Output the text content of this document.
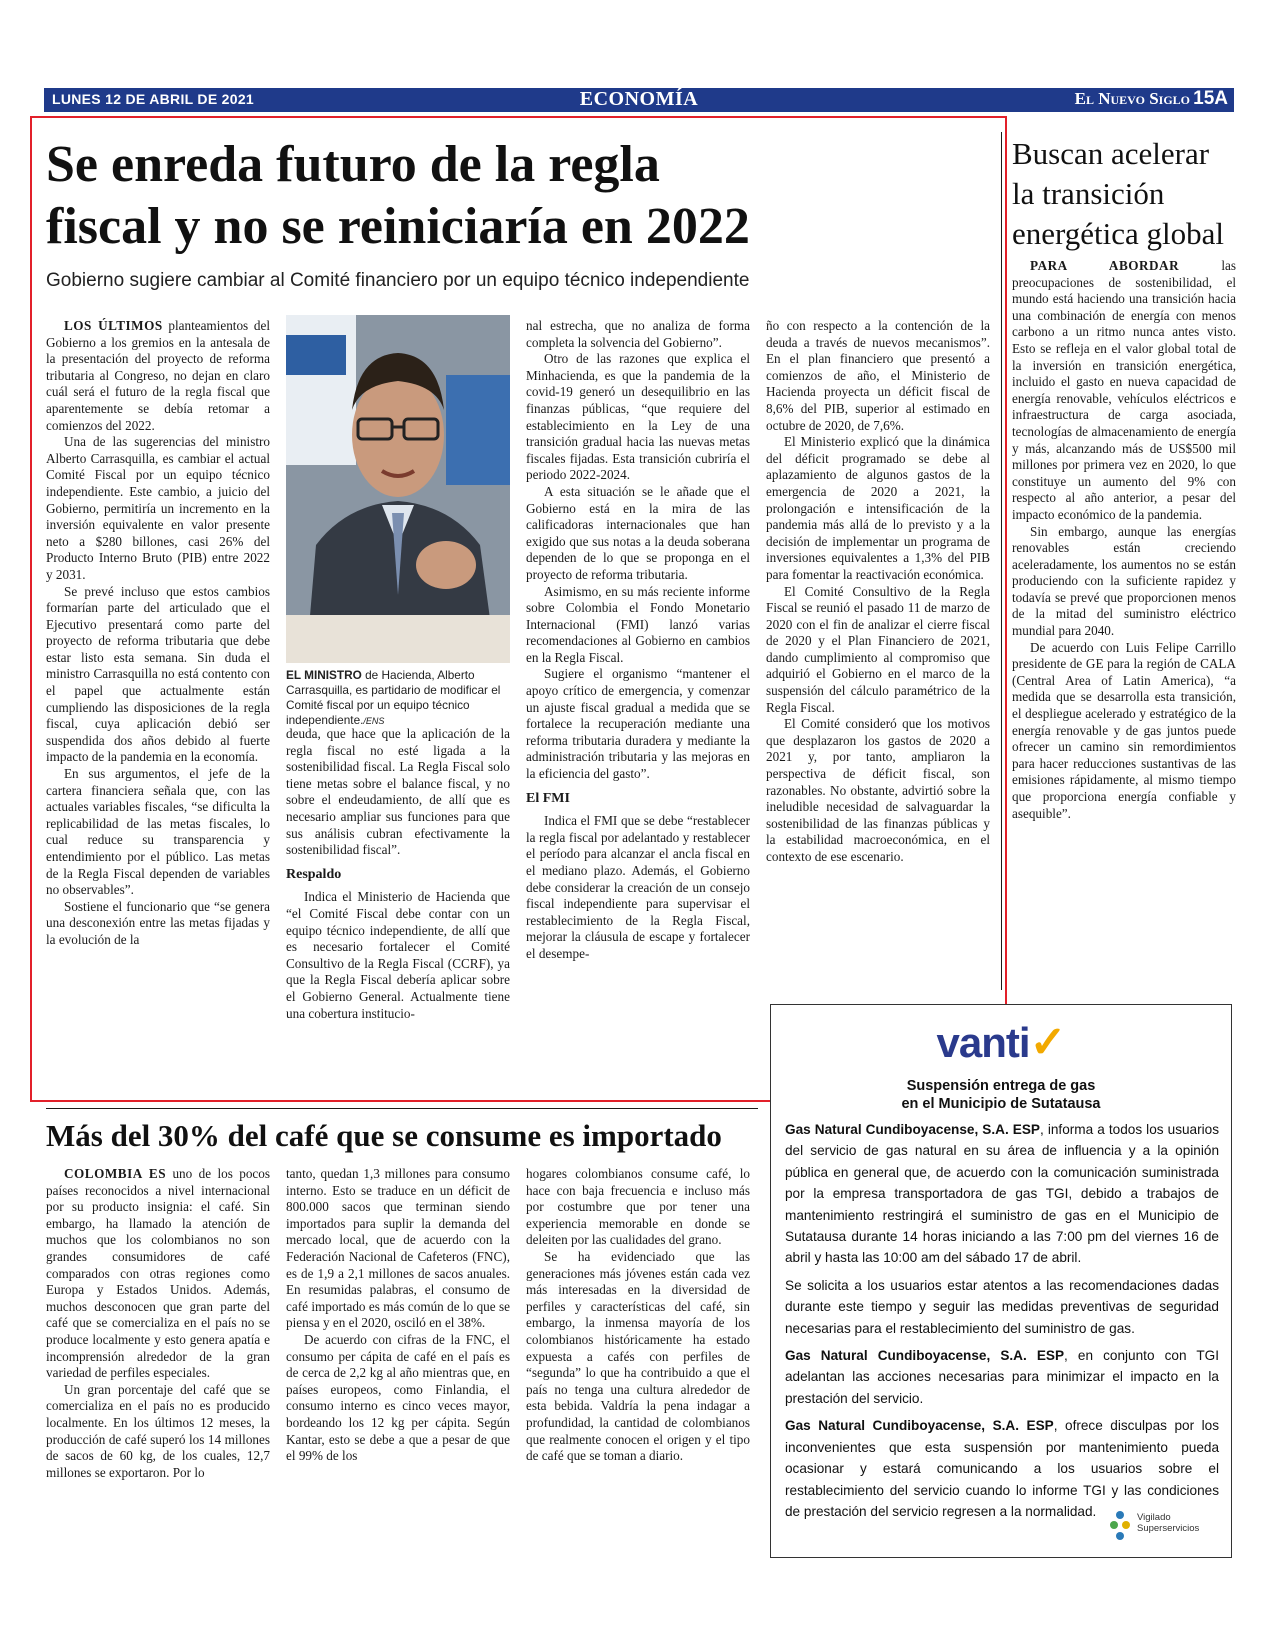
LUNES 12 DE ABRIL DE 2021	ECONOMÍA	El Nuevo Siglo 15A
Se enreda futuro de la regla
fiscal y no se reiniciaría en 2022
Gobierno sugiere cambiar al Comité financiero por un equipo técnico independiente

LOS ÚLTIMOS planteamientos del Gobierno a los gremios en la antesala de la presentación del proyecto de reforma tributaria al Congreso, no dejan en claro cuál será el futuro de la regla fiscal que aparentemente se debía retomar a comienzos del 2022.

Una de las sugerencias del ministro Alberto Carrasquilla, es cambiar el actual Comité Fiscal por un equipo técnico independiente. Este cambio, a juicio del Gobierno, permitiría un incremento en la inversión equivalente en valor presente neto a $280 billones, casi 26% del Producto Interno Bruto (PIB) entre 2022 y 2031.

Se prevé incluso que estos cambios formarían parte del articulado que el Ejecutivo presentará como parte del proyecto de reforma tributaria que debe estar listo esta semana. Sin duda el ministro Carrasquilla no está contento con el papel que actualmente están cumpliendo las disposiciones de la regla fiscal, cuya aplicación debió ser suspendida dos años debido al fuerte impacto de la pandemia en la economía.

En sus argumentos, el jefe de la cartera financiera señala que, con las actuales variables fiscales, “se dificulta la replicabilidad de las metas fiscales, lo cual reduce su transparencia y entendimiento por el público. Las metas de la Regla Fiscal dependen de variables no observables”.

Sostiene el funcionario que “se genera una desconexión entre las metas fijadas y la evolución de la

EL MINISTRO de Hacienda, Alberto Carrasquilla, es partidario de modificar el Comité fiscal por un equipo técnico independiente./ENS

deuda, que hace que la aplicación de la regla fiscal no esté ligada a la sostenibilidad fiscal. La Regla Fiscal solo tiene metas sobre el balance fiscal, y no sobre el endeudamiento, de allí que es necesario ampliar sus funciones para que sus análisis cubran efectivamente la sostenibilidad fiscal”.

Respaldo

Indica el Ministerio de Hacienda que “el Comité Fiscal debe contar con un equipo técnico independiente, de allí que es necesario fortalecer el Comité Consultivo de la Regla Fiscal (CCRF), ya que la Regla Fiscal debería aplicar sobre el Gobierno General. Actualmente tiene una cobertura institucio-

nal estrecha, que no analiza de forma completa la solvencia del Gobierno”.

Otro de las razones que explica el Minhacienda, es que la pandemia de la covid-19 generó un desequilibrio en las finanzas públicas, “que requiere del establecimiento en la Ley de una transición gradual hacia las nuevas metas fiscales fijadas. Esta transición cubriría el periodo 2022-2024.

A esta situación se le añade que el Gobierno está en la mira de las calificadoras internacionales que han exigido que sus notas a la deuda soberana dependen de lo que se proponga en el proyecto de reforma tributaria.

Asimismo, en su más reciente informe sobre Colombia el Fondo Monetario Internacional (FMI) lanzó varias recomendaciones al Gobierno en cambios en la Regla Fiscal.

Sugiere el organismo “mantener el apoyo crítico de emergencia, y comenzar un ajuste fiscal gradual a medida que se fortalece la recuperación mediante una reforma tributaria duradera y mediante la administración tributaria y las mejoras en la eficiencia del gasto”.

El FMI

Indica el FMI que se debe “restablecer la regla fiscal por adelantado y restablecer el período para alcanzar el ancla fiscal en el mediano plazo. Además, el Gobierno debe considerar la creación de un consejo fiscal independiente para supervisar el restablecimiento de la Regla Fiscal, mejorar la cláusula de escape y fortalecer el desempe-

ño con respecto a la contención de la deuda a través de nuevos mecanismos”. En el plan financiero que presentó a comienzos de año, el Ministerio de Hacienda proyecta un déficit fiscal de 8,6% del PIB, superior al estimado en octubre de 2020, de 7,6%.

El Ministerio explicó que la dinámica del déficit programado se debe al aplazamiento de algunos gastos de la emergencia de 2020 a 2021, la prolongación e intensificación de la pandemia más allá de lo previsto y a la decisión de implementar un programa de inversiones equivalentes a 1,3% del PIB para fomentar la reactivación económica.

El Comité Consultivo de la Regla Fiscal se reunió el pasado 11 de marzo de 2020 con el fin de analizar el cierre fiscal de 2020 y el Plan Financiero de 2021, dando cumplimiento al compromiso que adquirió el Gobierno en el marco de la suspensión del cálculo paramétrico de la Regla Fiscal.

El Comité consideró que los motivos que desplazaron los gastos de 2020 a 2021 y, por tanto, ampliaron la perspectiva de déficit fiscal, son razonables. No obstante, advirtió sobre la ineludible necesidad de salvaguardar la sostenibilidad de las finanzas públicas y la estabilidad macroeconómica, en el contexto de ese escenario.

Buscan acelerar
la transición
energética global

PARA ABORDAR	las preocupaciones de sostenibilidad, el mundo está haciendo una transición hacia una combinación de energía con menos carbono a un ritmo nunca antes visto. Esto se refleja en el valor global total de la inversión en transición energética, incluido el gasto en nueva capacidad de energía renovable, vehículos eléctricos e infraestructura de carga asociada, tecnologías de almacenamiento de energía y más, alcanzando más de US$500 mil millones por primera vez en 2020, lo que constituye un aumento del 9% con respecto al año anterior, a pesar del impacto económico de la pandemia.

Sin embargo, aunque las energías renovables están creciendo aceleradamente, los aumentos no se están produciendo con la suficiente rapidez y todavía se prevé que proporcionen menos de la mitad del suministro eléctrico mundial para 2040.

De acuerdo con Luis Felipe Carrillo presidente de GE para la región de CALA (Central Area of Latin America), “a medida que se desarrolla esta transición, el despliegue acelerado y estratégico de la energía renovable y de gas juntos puede ofrecer un camino sin remordimientos para hacer reducciones sustantivas de las emisiones rápidamente, al mismo tiempo que proporciona energía confiable y asequible”.

Más del 30% del café que se consume es importado

COLOMBIA ES uno de los pocos países reconocidos a nivel internacional por su producto insignia: el café. Sin embargo, ha llamado la atención de muchos que los colombianos no son grandes consumidores de café comparados con otras regiones como Europa y Estados Unidos. Además, muchos desconocen que gran parte del café que se comercializa en el país no se produce localmente y esto genera apatía e incomprensión alrededor de la gran variedad de perfiles especiales.

Un gran porcentaje del café que se comercializa en el país no es producido localmente. En los últimos 12 meses, la producción de café superó los 14 millones de sacos de 60 kg, de los cuales, 12,7 millones se exportaron. Por lo

tanto, quedan 1,3 millones para consumo interno. Esto se traduce en un déficit de 800.000 sacos que terminan siendo importados para suplir la demanda del mercado local, que de acuerdo con la Federación Nacional de Cafeteros (FNC), es de 1,9 a 2,1 millones de sacos anuales. En resumidas palabras, el consumo de café importado es más común de lo que se piensa y en el 2020, osciló en el 38%.

De acuerdo con cifras de la FNC, el consumo per cápita de café en el país es de cerca de 2,2 kg al año mientras que, en países europeos, como Finlandia, el consumo interno es cinco veces mayor, bordeando los 12 kg per cápita. Según Kantar, esto se debe a que a pesar de que el 99% de los

hogares colombianos consume café, lo hace con baja frecuencia e incluso más por costumbre que por tener una experiencia memorable en donde se deleiten por las cualidades del grano.

Se ha evidenciado que las generaciones más jóvenes están cada vez más interesadas en la diversidad de perfiles y características del café, sin embargo, la inmensa mayoría de los colombianos históricamente ha estado expuesta a cafés con perfiles de “segunda” lo que ha contribuido a que el país no tenga una cultura alrededor de esta bebida. Valdría la pena indagar a profundidad, la cantidad de colombianos que realmente conocen el origen y el tipo de café que se toman a diario.

vanti✓
Suspensión entrega de gas
en el Municipio de Sutatausa

Gas Natural Cundiboyacense, S.A. ESP, informa a todos los usuarios del servicio de gas natural en su área de influencia y a la opinión pública en general que, de acuerdo con la comunicación suministrada por la empresa transportadora de gas TGI, debido a trabajos de mantenimiento restringirá el suministro de gas en el Municipio de Sutatausa durante 14 horas iniciando a las 7:00 pm del viernes 16 de abril y hasta las 10:00 am del sábado 17 de abril.

Se solicita a los usuarios estar atentos a las recomendaciones dadas durante este tiempo y seguir las medidas preventivas de seguridad necesarias para el restablecimiento del suministro de gas.

Gas Natural Cundiboyacense, S.A. ESP, en conjunto con TGI adelantan las acciones necesarias para minimizar el impacto en la prestación del servicio.

Gas Natural Cundiboyacense, S.A. ESP, ofrece disculpas por los inconvenientes que esta suspensión por mantenimiento pueda ocasionar y estará comunicando a los usuarios sobre el restablecimiento del servicio cuando lo informe TGI y las condiciones de prestación del servicio regresen a la normalidad.	Vigilado
Superservicios
